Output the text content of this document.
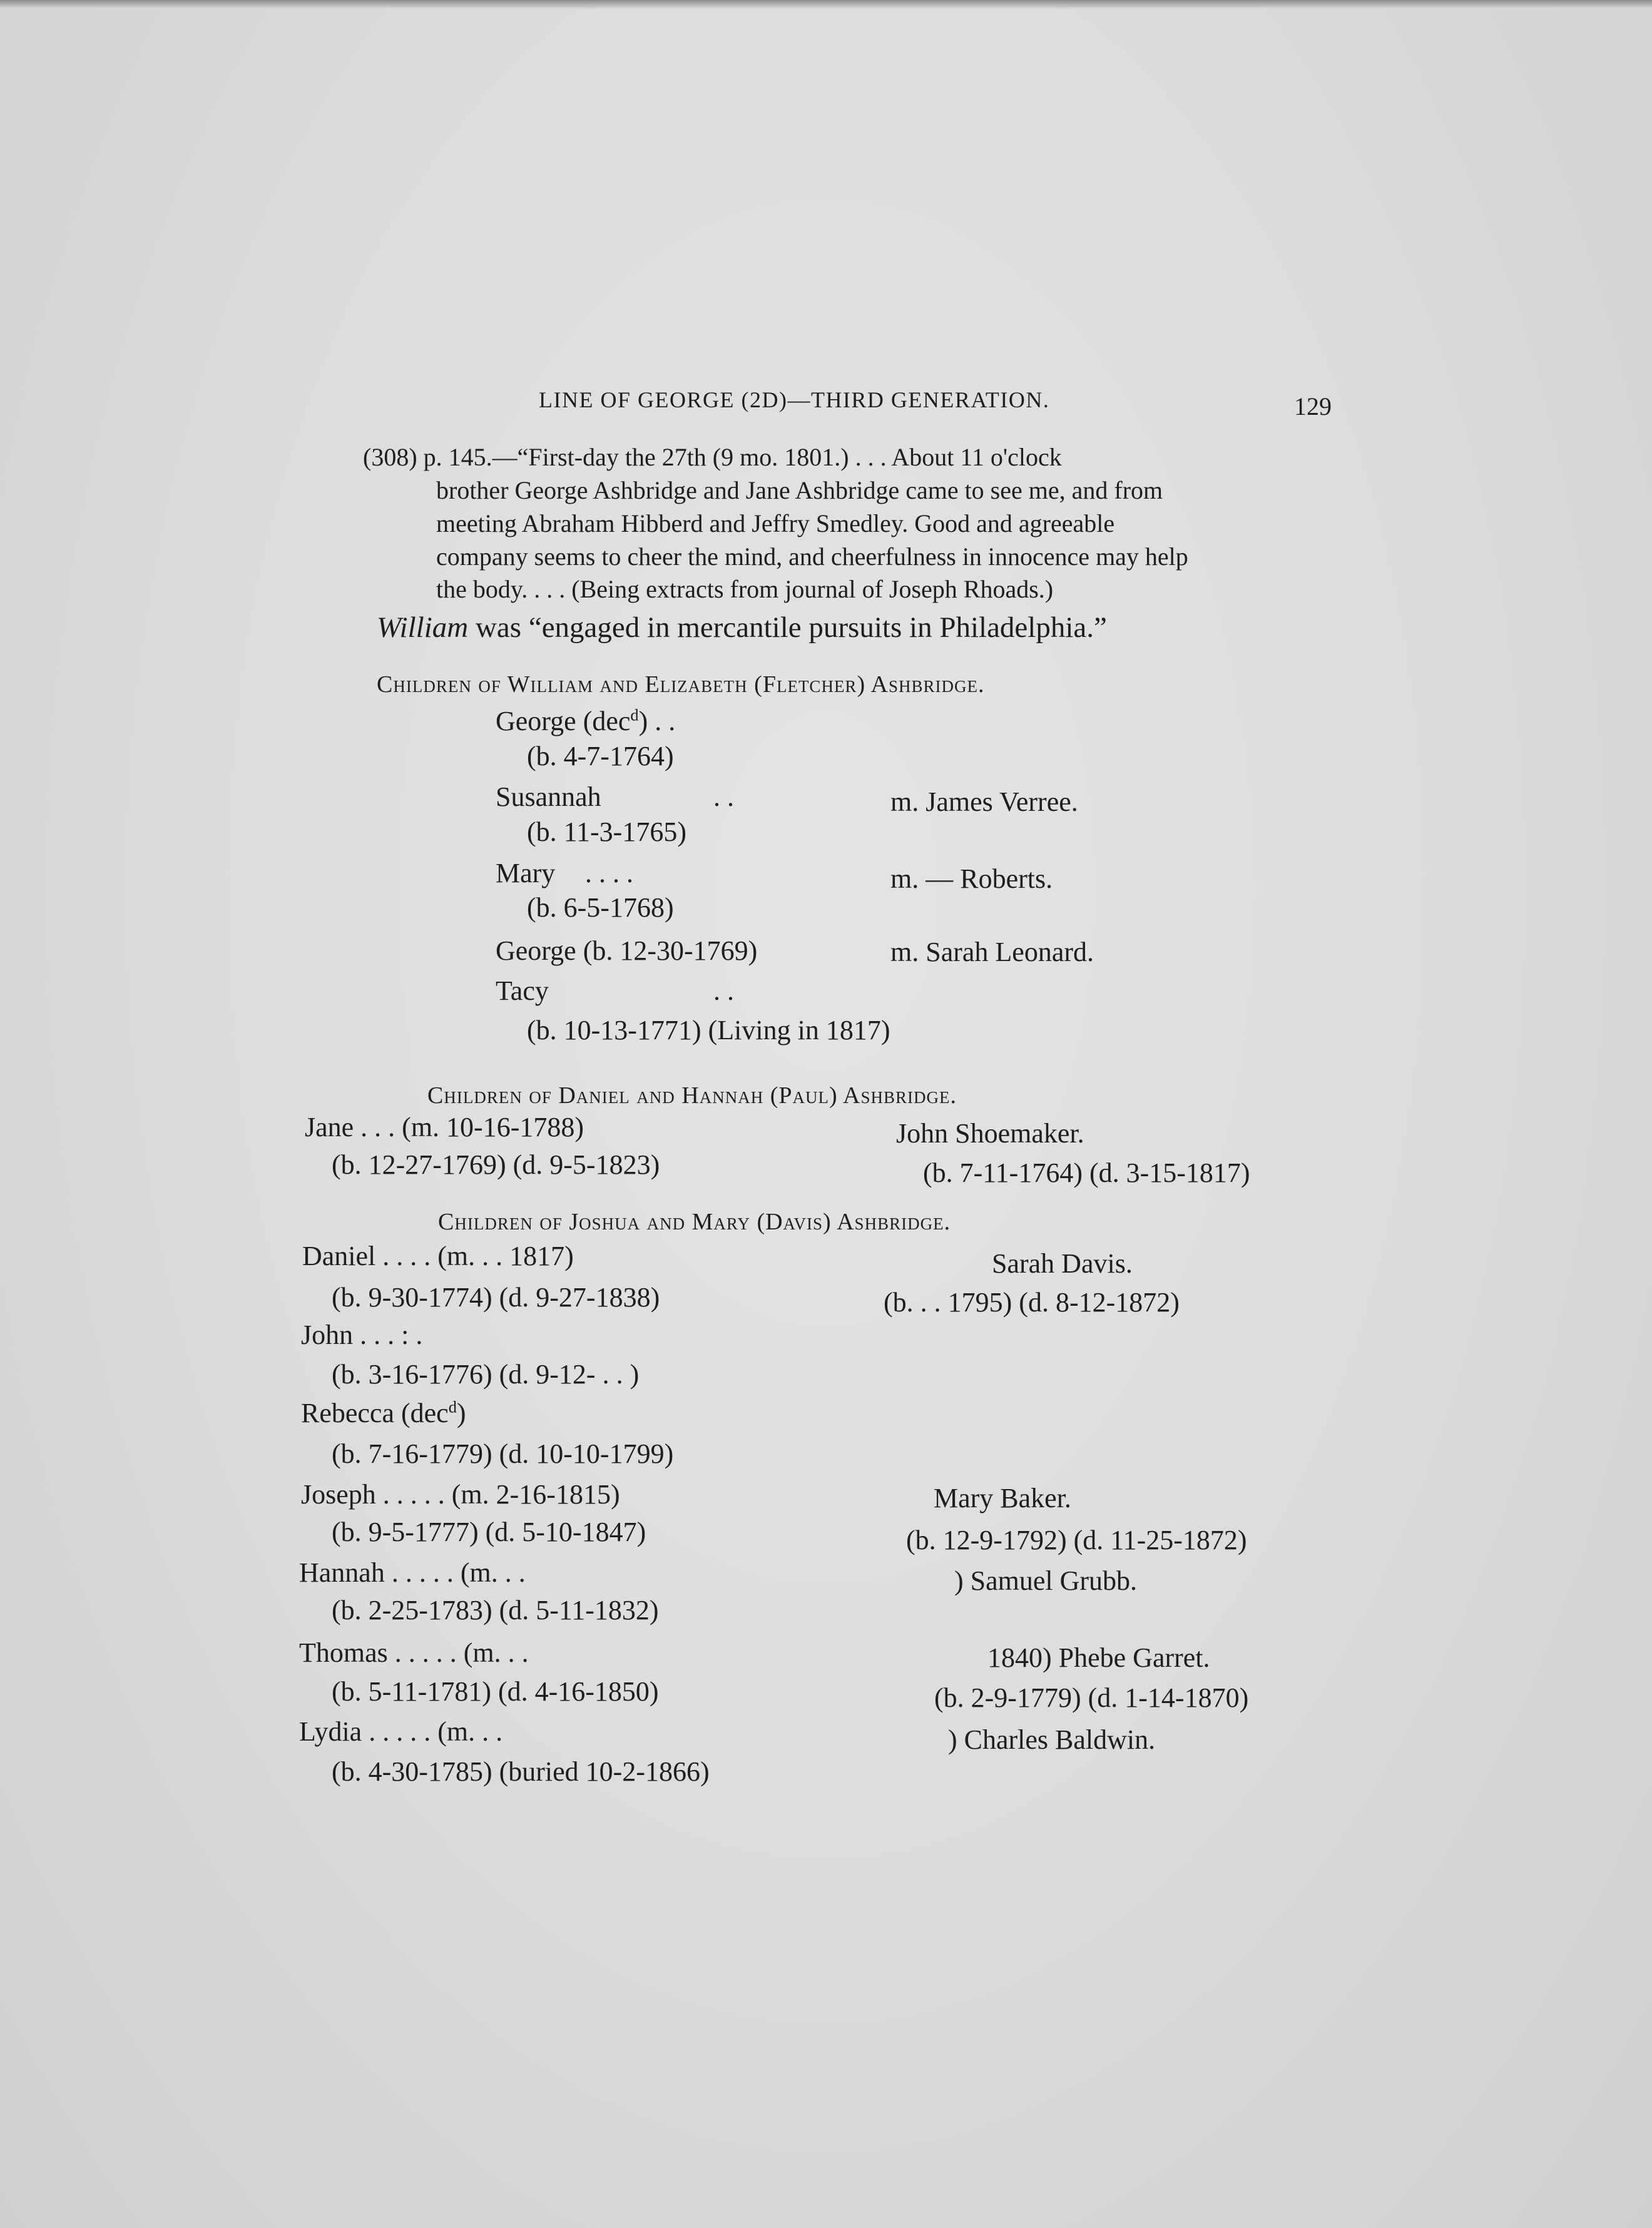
LINE OF GEORGE (2D)—THIRD GENERATION.	129
(308) p. 145.—“First-day the 27th (9 mo. 1801.) . . . About 11 o'clock
brother George Ashbridge and Jane Ashbridge came to see me, and from
meeting Abraham Hibberd and Jeffry Smedley. Good and agreeable
company seems to cheer the mind, and cheerfulness in innocence may help
the body. . . . (Being extracts from journal of Joseph Rhoads.)
William was “engaged in mercantile pursuits in Philadelphia.”
Children of William and Elizabeth (Fletcher) Ashbridge.
George (dec$^d$) . .
(b. 4-7-1764)
Susannah	. .	m. James Verree.
(b. 11-3-1765)
Mary . . . .	m. — Roberts.
(b. 6-5-1768)
George (b. 12-30-1769)	m. Sarah Leonard.
Tacy	. .
(b. 10-13-1771) (Living in 1817)
Children of Daniel and Hannah (Paul) Ashbridge.
Jane . . . (m. 10-16-1788)	John Shoemaker.
(b. 12-27-1769) (d. 9-5-1823)	(b. 7-11-1764) (d. 3-15-1817)
Children of Joshua and Mary (Davis) Ashbridge.
Daniel . . . . (m. . . 1817)	Sarah Davis.
(b. 9-30-1774) (d. 9-27-1838)	(b. . . 1795) (d. 8-12-1872)
John . . . : .
(b. 3-16-1776) (d. 9-12- . . )
Rebecca (dec$^d$)
(b. 7-16-1779) (d. 10-10-1799)
Joseph . . . . . (m. 2-16-1815)	Mary Baker.
(b. 9-5-1777) (d. 5-10-1847)	(b. 12-9-1792) (d. 11-25-1872)
Hannah . . . . . (m. . .	) Samuel Grubb.
(b. 2-25-1783) (d. 5-11-1832)
Thomas . . . . . (m. . .	1840) Phebe Garret.
(b. 5-11-1781) (d. 4-16-1850)	(b. 2-9-1779) (d. 1-14-1870)
Lydia . . . . . (m. . .	) Charles Baldwin.
(b. 4-30-1785) (buried 10-2-1866)
